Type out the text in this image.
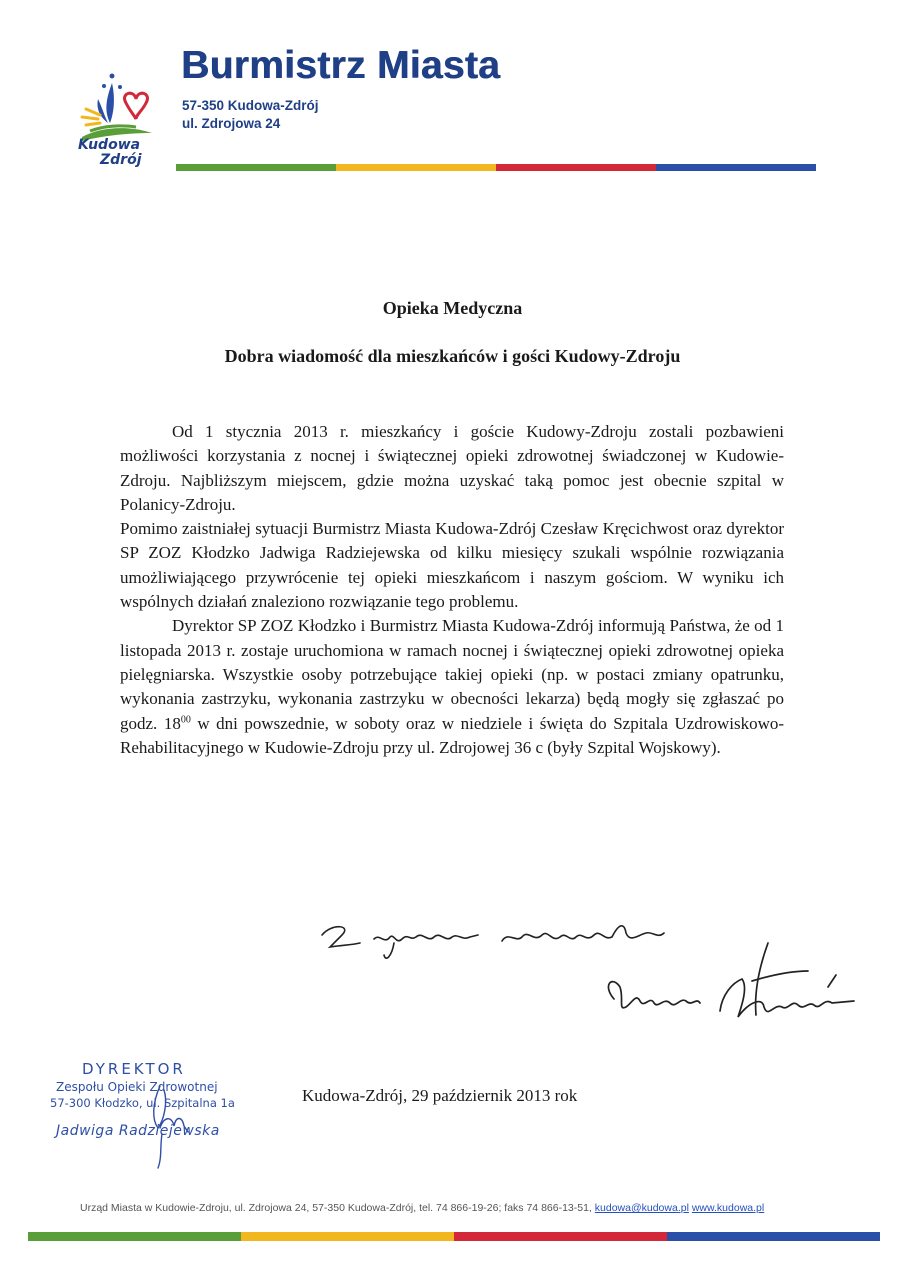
Kudowa
Zdrój
Burmistrz Miasta
57-350 Kudowa-Zdrój
ul. Zdrojowa 24
Opieka Medyczna
Dobra wiadomość dla mieszkańców i gości Kudowy-Zdroju

Od 1 stycznia 2013 r. mieszkańcy i goście Kudowy-Zdroju zostali pozbawieni możliwości korzystania z nocnej i świątecznej opieki zdrowotnej świadczonej w Kudowie-Zdroju. Najbliższym miejscem, gdzie można uzyskać taką pomoc jest obecnie szpital w Polanicy-Zdroju.

Pomimo zaistniałej sytuacji Burmistrz Miasta Kudowa-Zdrój Czesław Kręcichwost oraz dyrektor SP ZOZ Kłodzko Jadwiga Radziejewska od kilku miesięcy szukali wspólnie rozwiązania umożliwiającego przywrócenie tej opieki mieszkańcom i naszym gościom. W wyniku ich wspólnych działań znaleziono rozwiązanie tego problemu.

Dyrektor SP ZOZ Kłodzko i Burmistrz Miasta Kudowa-Zdrój informują Państwa, że od 1 listopada 2013 r. zostaje uruchomiona w ramach nocnej i świątecznej opieki zdrowotnej opieka pielęgniarska. Wszystkie osoby potrzebujące takiej opieki (np. w postaci zmiany opatrunku, wykonania zastrzyku, wykonania zastrzyku w obecności lekarza) będą mogły się zgłaszać po godz. $18^{00}$ w dni powszednie, w soboty oraz w niedziele i święta do Szpitala Uzdrowiskowo-Rehabilitacyjnego w Kudowie-Zdroju przy ul. Zdrojowej 36 c (były Szpital Wojskowy).

DYREKTOR
Zespołu Opieki Zdrowotnej
57-300 Kłodzko, ul. Szpitalna 1a
Jadwiga Radziejewska
Kudowa-Zdrój, 29 październik 2013 rok
Urząd Miasta w Kudowie-Zdroju, ul. Zdrojowa 24, 57-350 Kudowa-Zdrój, tel. 74 866-19-26; faks 74 866-13-51, kudowa@kudowa.pl www.kudowa.pl
